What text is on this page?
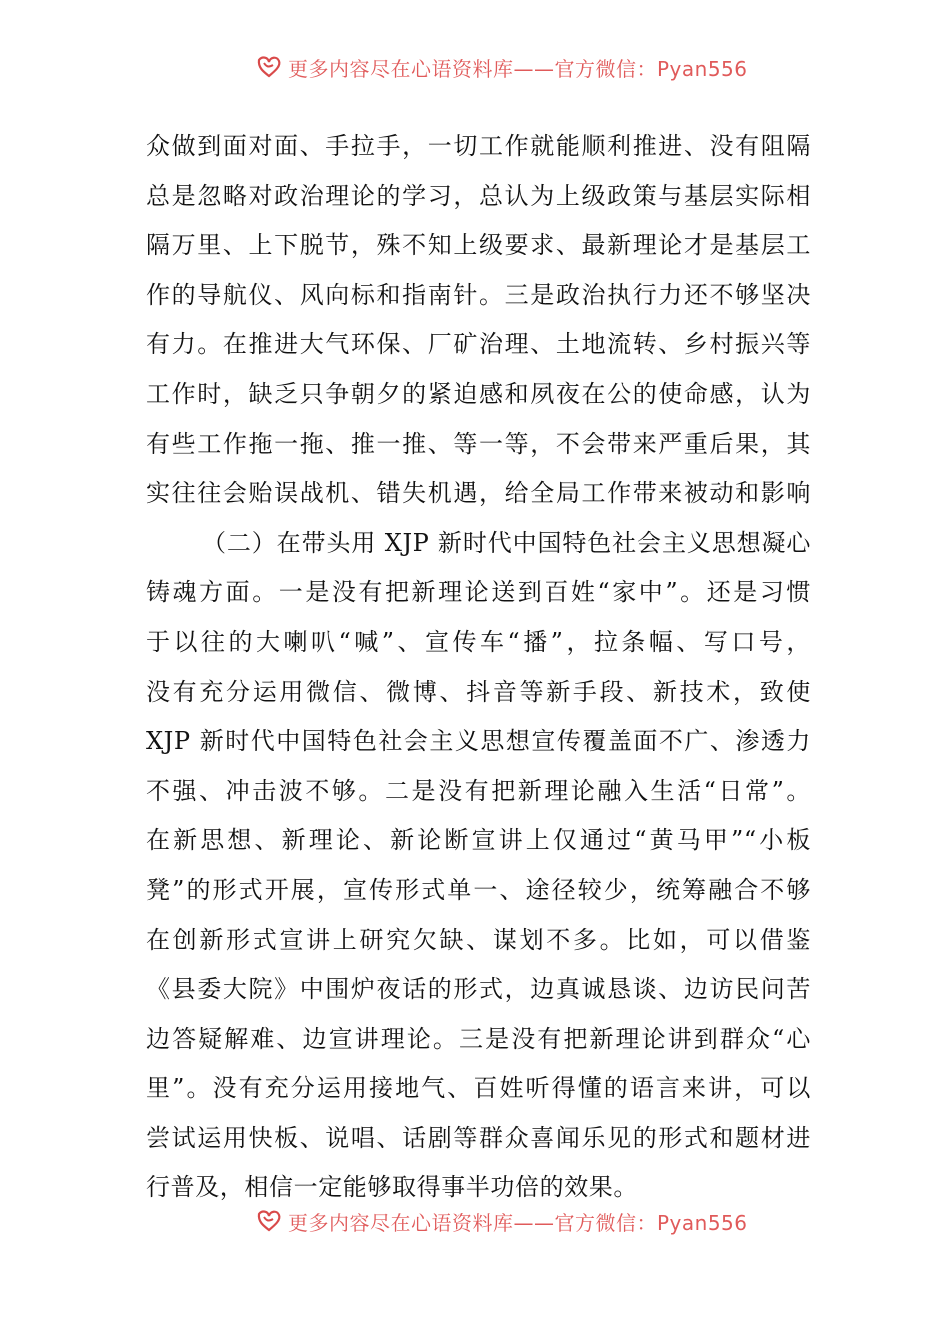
更多内容尽在心语资料库——官方微信：Pyan556
众做到面对面、手拉手，一切工作就能顺利推进、没有阻隔
总是忽略对政治理论的学习，总认为上级政策与基层实际相
隔万里、上下脱节，殊不知上级要求、最新理论才是基层工
作的导航仪、风向标和指南针。三是政治执行力还不够坚决
有力。在推进大气环保、厂矿治理、土地流转、乡村振兴等
工作时，缺乏只争朝夕的紧迫感和夙夜在公的使命感，认为
有些工作拖一拖、推一推、等一等，不会带来严重后果，其
实往往会贻误战机、错失机遇，给全局工作带来被动和影响
（二）在带头用 XJP 新时代中国特色社会主义思想凝心
铸魂方面。一是没有把新理论送到百姓“家中”。还是习惯
于以往的大喇叭“喊”、宣传车“播”，拉条幅、写口号，
没有充分运用微信、微博、抖音等新手段、新技术，致使
XJP 新时代中国特色社会主义思想宣传覆盖面不广、渗透力
不强、冲击波不够。二是没有把新理论融入生活“日常”。
在新思想、新理论、新论断宣讲上仅通过“黄马甲”“小板
凳”的形式开展，宣传形式单一、途径较少，统筹融合不够
在创新形式宣讲上研究欠缺、谋划不多。比如，可以借鉴
《县委大院》中围炉夜话的形式，边真诚恳谈、边访民问苦
边答疑解难、边宣讲理论。三是没有把新理论讲到群众“心
里”。没有充分运用接地气、百姓听得懂的语言来讲，可以
尝试运用快板、说唱、话剧等群众喜闻乐见的形式和题材进
行普及，相信一定能够取得事半功倍的效果。
更多内容尽在心语资料库——官方微信：Pyan556
